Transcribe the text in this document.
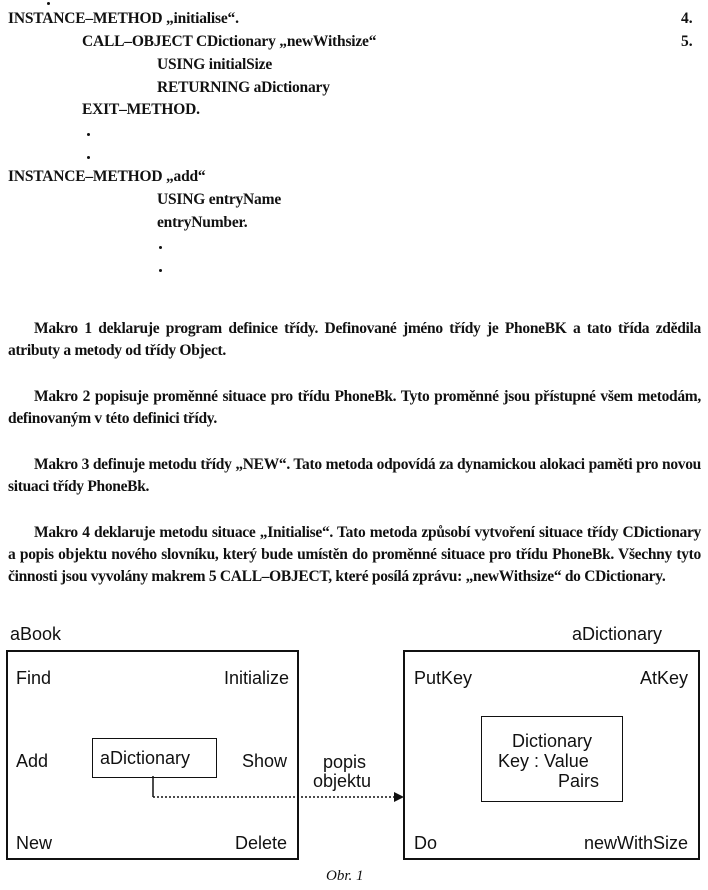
INSTANCE–METHOD „initialise“.	4.
CALL–OBJECT CDictionary „newWithsize“	5.
USING initialSize
RETURNING aDictionary
EXIT–METHOD.
INSTANCE–METHOD „add“
USING entryName
entryNumber.
Makro 1 deklaruje program definice třídy. Definované jméno třídy je PhoneBK a tato třída zdědila atributy a metody od třídy Object.
Makro 2 popisuje proměnné situace pro třídu PhoneBk. Tyto proměnné jsou přístupné všem metodám, definovaným v této definici třídy.
Makro 3 definuje metodu třídy „NEW“. Tato metoda odpovídá za dynamickou alokaci paměti pro novou situaci třídy PhoneBk.
Makro 4 deklaruje metodu situace „Initialise“. Tato metoda způsobí vytvoření situace třídy CDictionary a popis objektu nového slovníku, který bude umístěn do proměnné situace pro třídu PhoneBk. Všechny tyto činnosti jsou vyvolány makrem 5 CALL–OBJECT, které posílá zprávu: „newWithsize“ do CDictionary.
aBook	aDictionary
Find	Initialize
Add	aDictionary	Show
New	Delete
popis
objektu
PutKey	AtKey
Dictionary
Key : Value
Pairs
Do	newWithSize
Obr. 1
